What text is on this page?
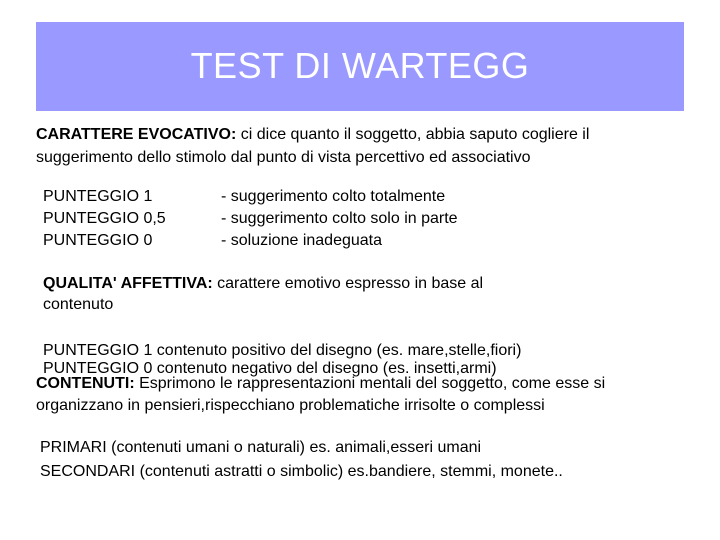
TEST DI WARTEGG

CARATTERE EVOCATIVO: ci dice quanto il soggetto, abbia saputo cogliere il

suggerimento dello stimolo dal punto di vista percettivo ed associativo

PUNTEGGIO 1
PUNTEGGIO 0,5
PUNTEGGIO 0
- suggerimento colto totalmente
- suggerimento colto solo in parte
- soluzione inadeguata

QUALITA' AFFETTIVA: carattere emotivo espresso in base al

contenuto

PUNTEGGIO 1 contenuto positivo del disegno (es. mare,stelle,fiori)

PUNTEGGIO 0 contenuto negativo del disegno (es. insetti,armi)

CONTENUTI: Esprimono le rappresentazioni mentali del soggetto, come esse si

organizzano in pensieri,rispecchiano problematiche irrisolte o complessi

PRIMARI (contenuti umani o naturali) es. animali,esseri umani

SECONDARI (contenuti astratti o simbolic) es.bandiere, stemmi, monete..
